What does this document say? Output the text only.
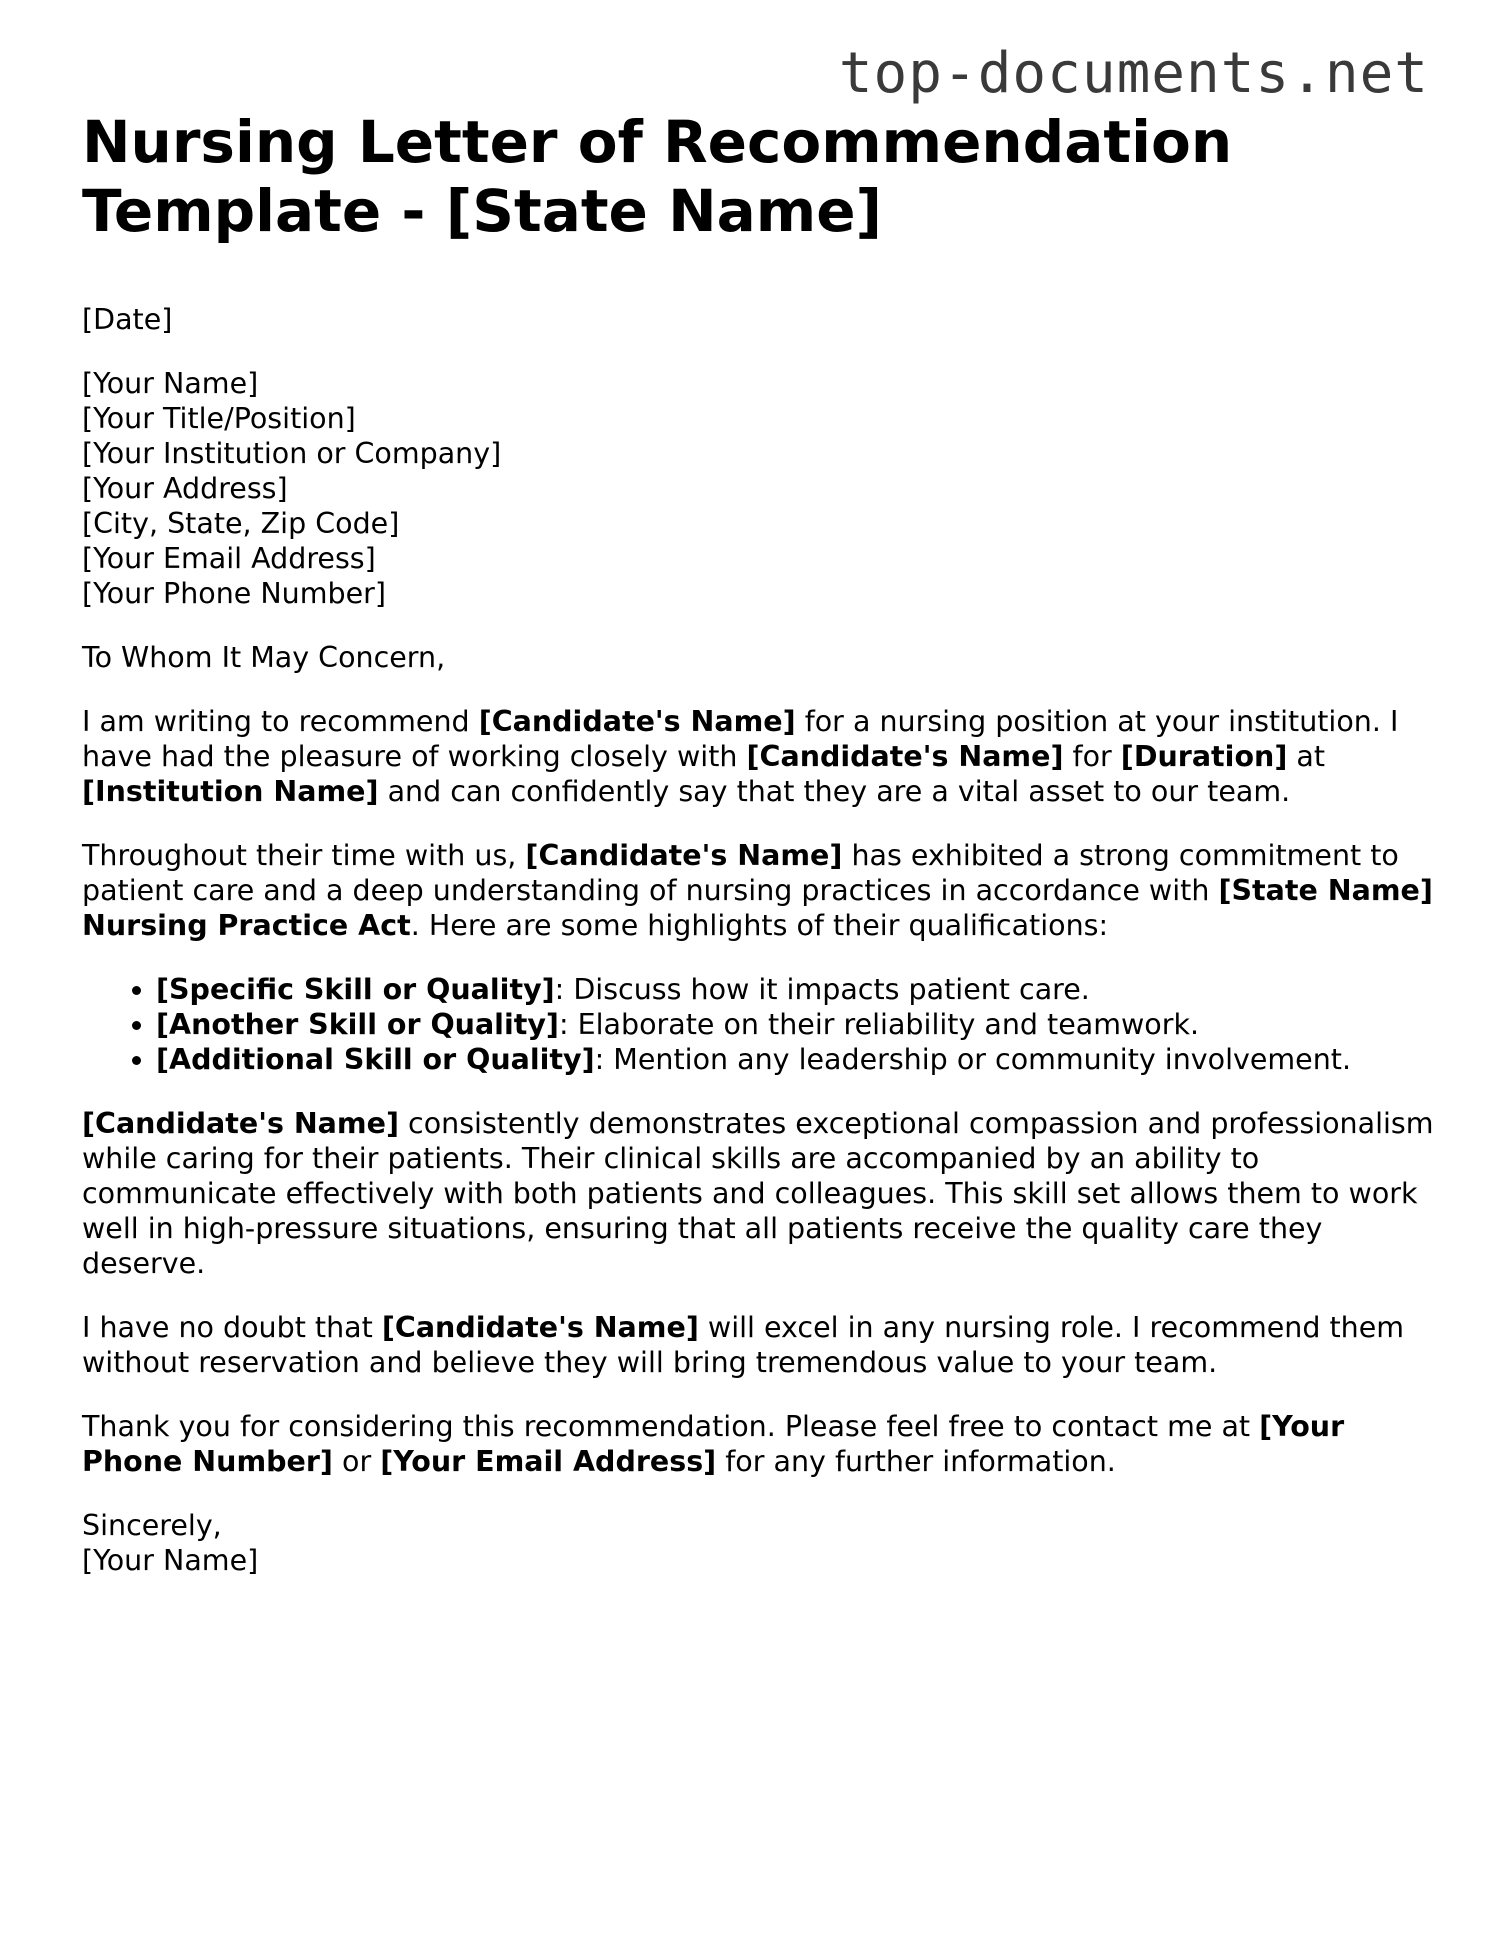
top-documents.net
Nursing Letter of Recommendation Template - [State Name]

[Date]

[Your Name]
[Your Title/Position]
[Your Institution or Company]
[Your Address]
[City, State, Zip Code]
[Your Email Address]
[Your Phone Number]

To Whom It May Concern,

I am writing to recommend [Candidate's Name] for a nursing position at your institution. I have had the pleasure of working closely with [Candidate's Name] for [Duration] at [Institution Name] and can confidently say that they are a vital asset to our team.

Throughout their time with us, [Candidate's Name] has exhibited a strong commitment to patient care and a deep understanding of nursing practices in accordance with [State Name] Nursing Practice Act. Here are some highlights of their qualifications:

• [Specific Skill or Quality]: Discuss how it impacts patient care.
• [Another Skill or Quality]: Elaborate on their reliability and teamwork.
• [Additional Skill or Quality]: Mention any leadership or community involvement.

[Candidate's Name] consistently demonstrates exceptional compassion and professionalism while caring for their patients. Their clinical skills are accompanied by an ability to communicate effectively with both patients and colleagues. This skill set allows them to work well in high-pressure situations, ensuring that all patients receive the quality care they deserve.

I have no doubt that [Candidate's Name] will excel in any nursing role. I recommend them without reservation and believe they will bring tremendous value to your team.

Thank you for considering this recommendation. Please feel free to contact me at [Your Phone Number] or [Your Email Address] for any further information.

Sincerely,
[Your Name]
